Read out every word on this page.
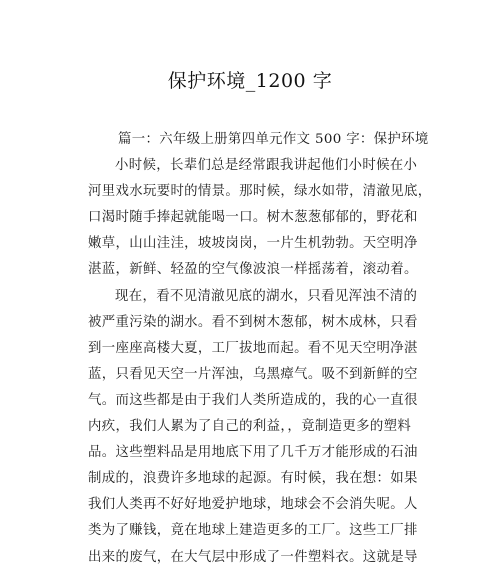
保护环境_1200 字
篇一：六年级上册第四单元作文 500 字：保护环境
小时候，长辈们总是经常跟我讲起他们小时候在小
河里戏水玩要时的情景。那时候，绿水如带，清澈见底，
口渴时随手捧起就能喝一口。树木葱葱郁郁的，野花和
嫩草，山山洼洼，坡坡岗岗，一片生机勃勃。天空明净
湛蓝，新鲜、轻盈的空气像波浪一样摇荡着，滚动着。
现在，看不见清澈见底的湖水，只看见浑浊不清的
被严重污染的湖水。看不到树木葱郁，树木成林，只看
到一座座高楼大夏，工厂拔地而起。看不见天空明净湛
蓝，只看见天空一片浑浊，乌黑瘴气。吸不到新鲜的空
气。而这些都是由于我们人类所造成的，我的心一直很
内疚，我们人累为了自己的利益，，竟制造更多的塑料
品。这些塑料品是用地底下用了几千万才能形成的石油
制成的，浪费许多地球的起源。有时候，我在想：如果
我们人类再不好好地爱护地球，地球会不会消失呢。人
类为了赚钱，竟在地球上建造更多的工厂。这些工厂排
出来的废气，在大气层中形成了一件塑料衣。这就是导
